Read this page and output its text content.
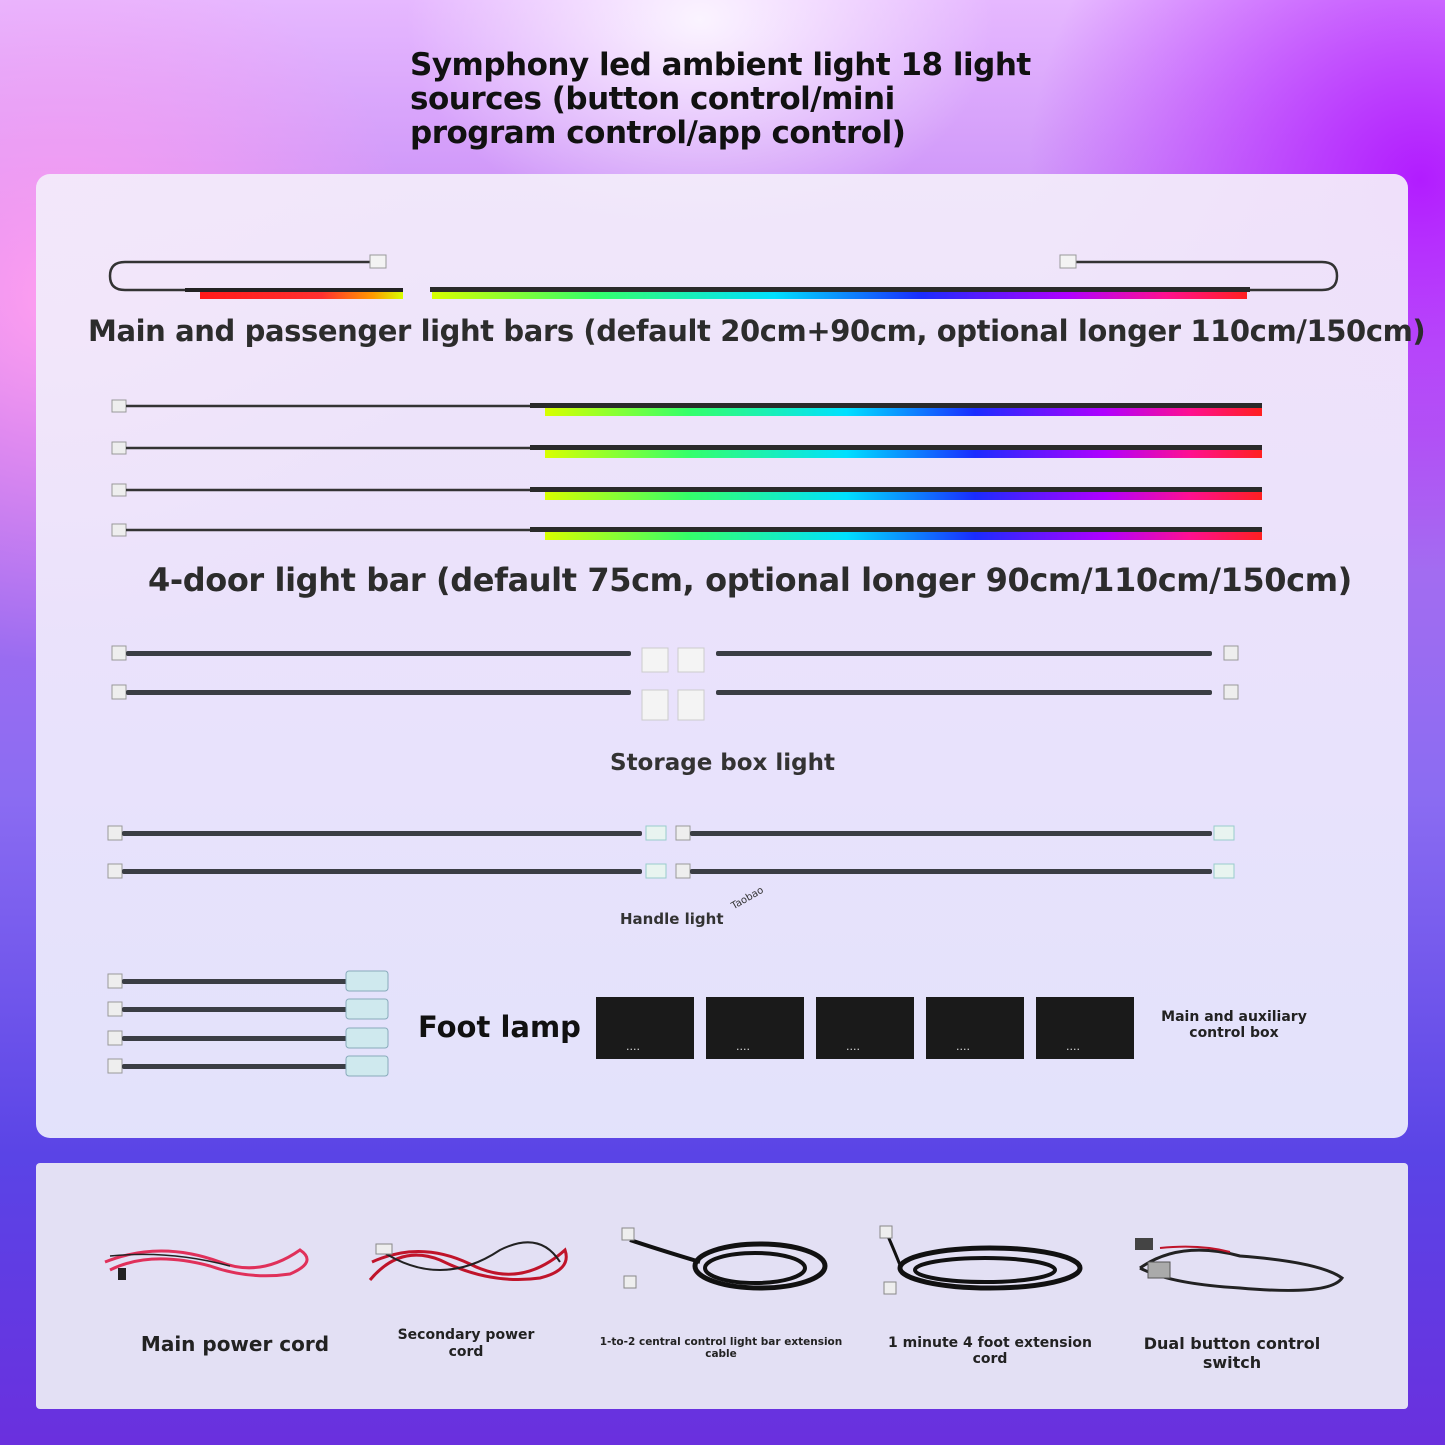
Symphony led ambient light 18 light sources (button control/mini program control/app control)
Main and passenger light bars (default 20cm+90cm, optional longer 110cm/150cm)
4-door light bar (default 75cm, optional longer 90cm/110cm/150cm)
Storage box light
Handle light
Taobao
Foot lamp	Main and auxiliary control box
....	....	....	....	....
Main power cord	Secondary power cord
1-to-2 central control light bar extension cable
1 minute 4 foot extension cord
Dual button control switch
